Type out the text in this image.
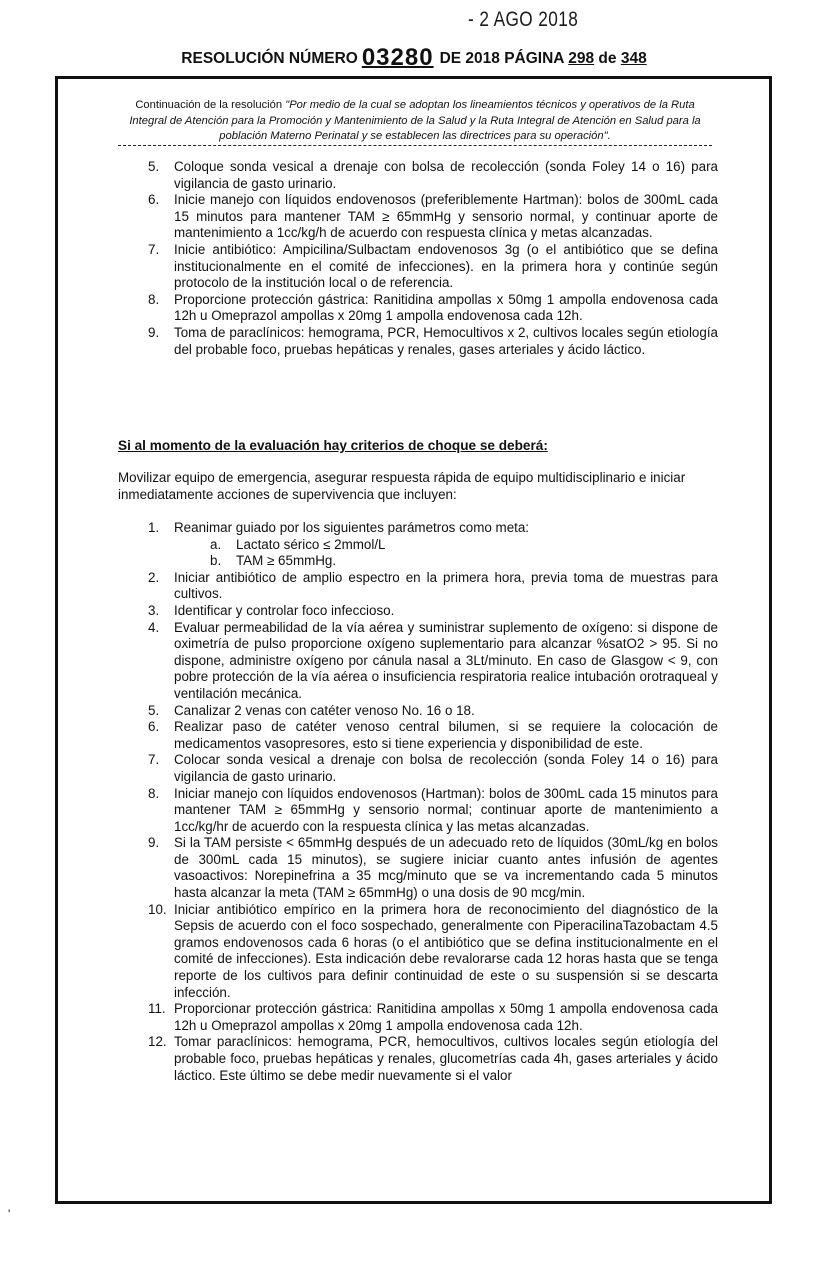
- 2 AGO 2018
RESOLUCIÓN NÚMERO 03280 DE 2018 PÁGINA 298 de 348
Continuación de la resolución "Por medio de la cual se adoptan los lineamientos técnicos y operativos de la Ruta Integral de Atención para la Promoción y Mantenimiento de la Salud y la Ruta Integral de Atención en Salud para la población Materno Perinatal y se establecen las directrices para su operación".
5. Coloque sonda vesical a drenaje con bolsa de recolección (sonda Foley 14 o 16) para vigilancia de gasto urinario.
6. Inicie manejo con líquidos endovenosos (preferiblemente Hartman): bolos de 300mL cada 15 minutos para mantener TAM ≥ 65mmHg y sensorio normal, y continuar aporte de mantenimiento a 1cc/kg/h de acuerdo con respuesta clínica y metas alcanzadas.
7. Inicie antibiótico: Ampicilina/Sulbactam endovenosos 3g (o el antibiótico que se defina institucionalmente en el comité de infecciones). en la primera hora y continúe según protocolo de la institución local o de referencia.
8. Proporcione protección gástrica: Ranitidina ampollas x 50mg 1 ampolla endovenosa cada 12h u Omeprazol ampollas x 20mg 1 ampolla endovenosa cada 12h.
9. Toma de paraclínicos: hemograma, PCR, Hemocultivos x 2, cultivos locales según etiología del probable foco, pruebas hepáticas y renales, gases arteriales y ácido láctico.
Si al momento de la evaluación hay criterios de choque se deberá:
Movilizar equipo de emergencia, asegurar respuesta rápida de equipo multidisciplinario e iniciar inmediatamente acciones de supervivencia que incluyen:
1. Reanimar guiado por los siguientes parámetros como meta:
a. Lactato sérico ≤ 2mmol/L
b. TAM ≥ 65mmHg.
2. Iniciar antibiótico de amplio espectro en la primera hora, previa toma de muestras para cultivos.
3. Identificar y controlar foco infeccioso.
4. Evaluar permeabilidad de la vía aérea y suministrar suplemento de oxígeno: si dispone de oximetría de pulso proporcione oxígeno suplementario para alcanzar %satO2 > 95. Si no dispone, administre oxígeno por cánula nasal a 3Lt/minuto. En caso de Glasgow < 9, con pobre protección de la vía aérea o insuficiencia respiratoria realice intubación orotraqueal y ventilación mecánica.
5. Canalizar 2 venas con catéter venoso No. 16 o 18.
6. Realizar paso de catéter venoso central bilumen, si se requiere la colocación de medicamentos vasopresores, esto si tiene experiencia y disponibilidad de este.
7. Colocar sonda vesical a drenaje con bolsa de recolección (sonda Foley 14 o 16) para vigilancia de gasto urinario.
8. Iniciar manejo con líquidos endovenosos (Hartman): bolos de 300mL cada 15 minutos para mantener TAM ≥ 65mmHg y sensorio normal; continuar aporte de mantenimiento a 1cc/kg/hr de acuerdo con la respuesta clínica y las metas alcanzadas.
9. Si la TAM persiste < 65mmHg después de un adecuado reto de líquidos (30mL/kg en bolos de 300mL cada 15 minutos), se sugiere iniciar cuanto antes infusión de agentes vasoactivos: Norepinefrina a 35 mcg/minuto que se va incrementando cada 5 minutos hasta alcanzar la meta (TAM ≥ 65mmHg) o una dosis de 90 mcg/min.
10. Iniciar antibiótico empírico en la primera hora de reconocimiento del diagnóstico de la Sepsis de acuerdo con el foco sospechado, generalmente con PiperacilinaTazobactam 4.5 gramos endovenosos cada 6 horas (o el antibiótico que se defina institucionalmente en el comité de infecciones). Esta indicación debe revalorarse cada 12 horas hasta que se tenga reporte de los cultivos para definir continuidad de este o su suspensión si se descarta infección.
11. Proporcionar protección gástrica: Ranitidina ampollas x 50mg 1 ampolla endovenosa cada 12h u Omeprazol ampollas x 20mg 1 ampolla endovenosa cada 12h.
12. Tomar paraclínicos: hemograma, PCR, hemocultivos, cultivos locales según etiología del probable foco, pruebas hepáticas y renales, glucometrías cada 4h, gases arteriales y ácido láctico. Este último se debe medir nuevamente si el valor
'
